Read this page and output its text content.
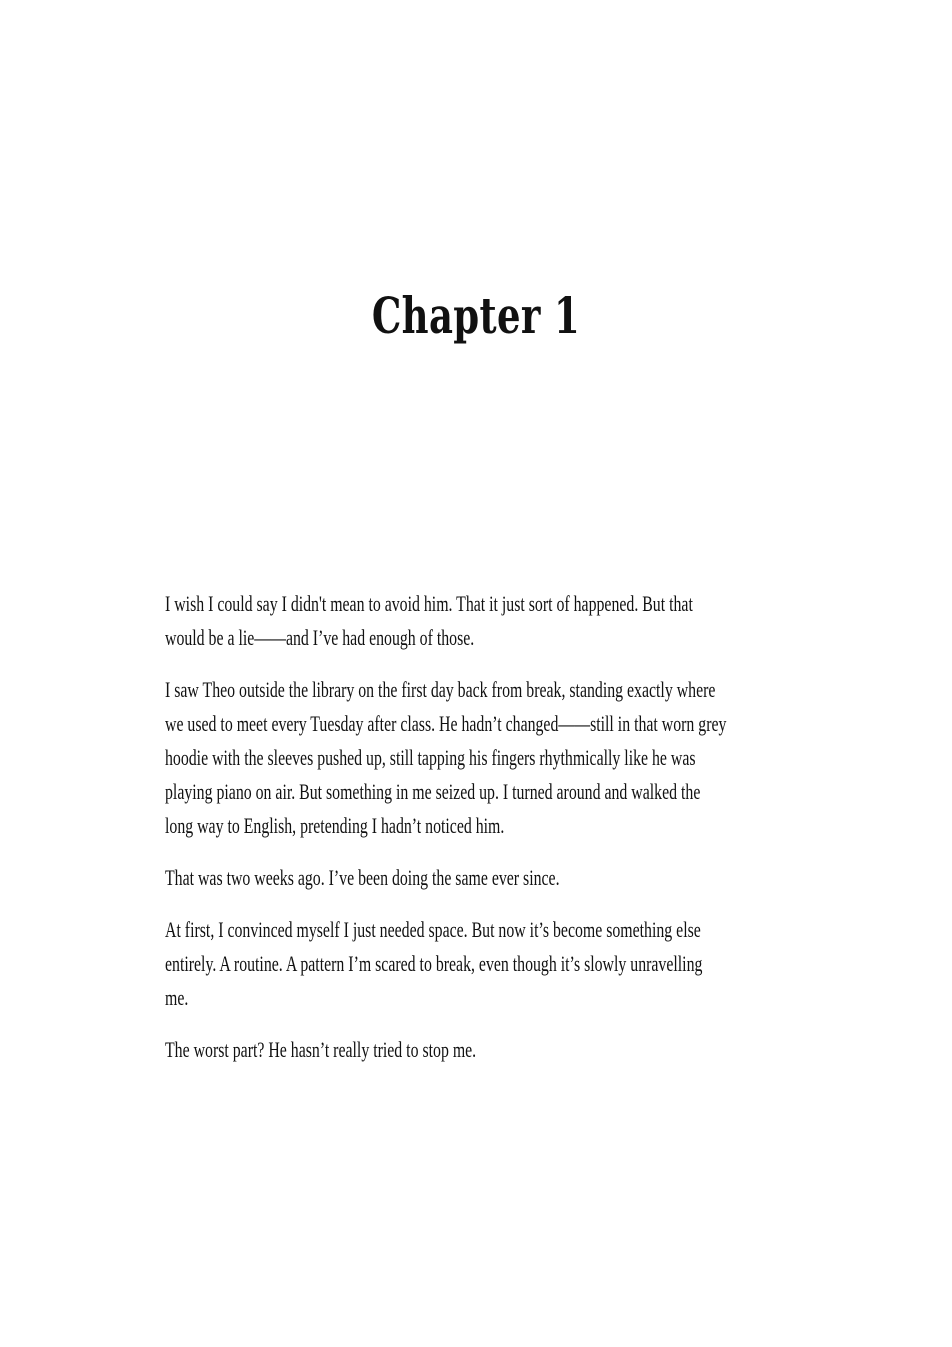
Chapter 1

I wish I could say I didn't mean to avoid him. That it just sort of happened. But that
would be a lie——and I’ve had enough of those.

I saw Theo outside the library on the first day back from break, standing exactly where
we used to meet every Tuesday after class. He hadn’t changed——still in that worn grey
hoodie with the sleeves pushed up, still tapping his fingers rhythmically like he was
playing piano on air. But something in me seized up. I turned around and walked the
long way to English, pretending I hadn’t noticed him.

That was two weeks ago. I’ve been doing the same ever since.

At first, I convinced myself I just needed space. But now it’s become something else
entirely. A routine. A pattern I’m scared to break, even though it’s slowly unravelling
me.

The worst part? He hasn’t really tried to stop me.
